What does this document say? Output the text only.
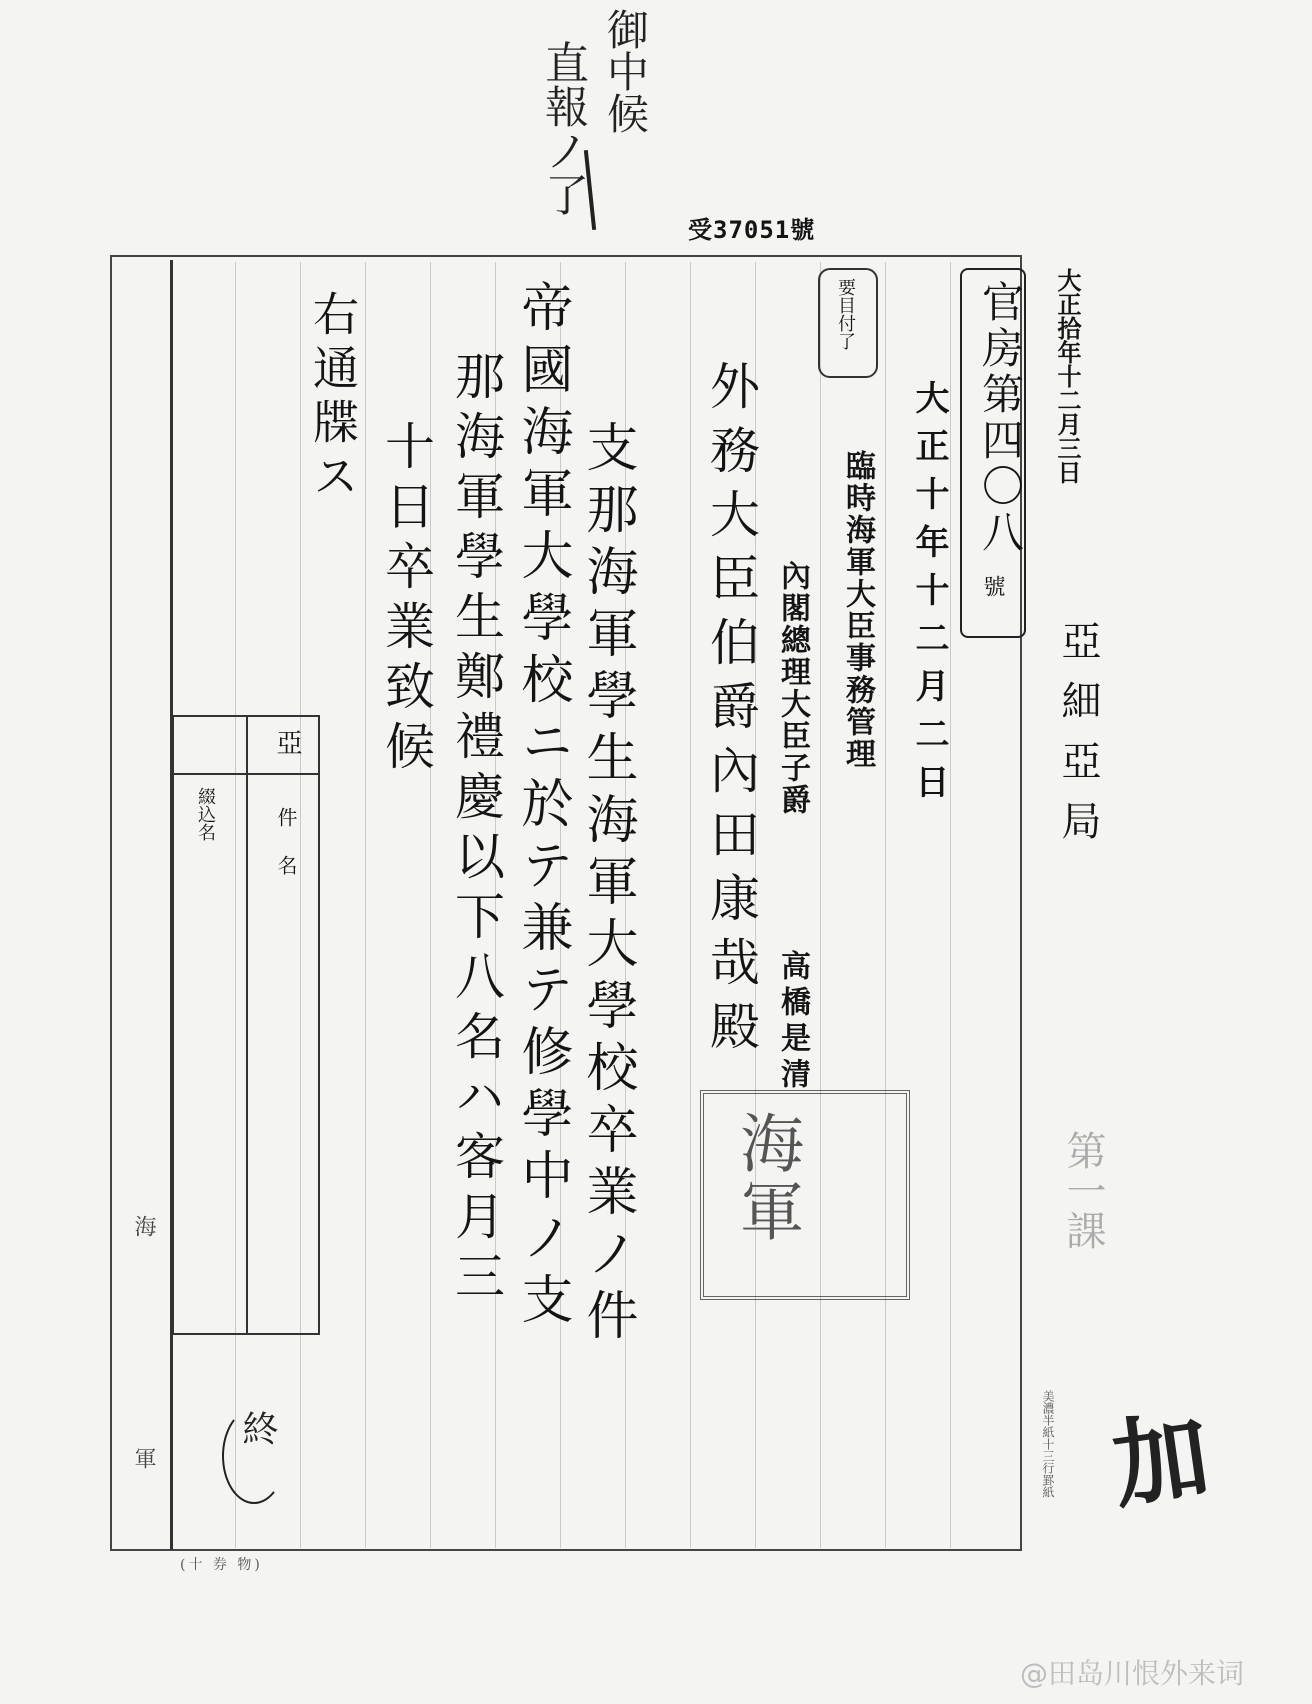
海
軍
(十 券 物)
亞
件名
綴込名
終
御中候
直報ノ了
受37051號
右通牒ス
十日卒業致候 那海軍學生鄭禮慶以下八名ハ客月三 帝國海軍大學校ニ於テ兼テ修學中ノ支 支那海軍學生海軍大學校卒業ノ件 外務大臣伯爵內田康哉殿 內閣總理大臣子爵
高橋是清
臨時海軍大臣事務管理 大正十年十二月二日
要目付了
海軍
官房第四〇八
號
大正拾年十二月三日
亞細亞局
第一課
美濃半紙十三行罫紙 加
@田岛川恨外来词
